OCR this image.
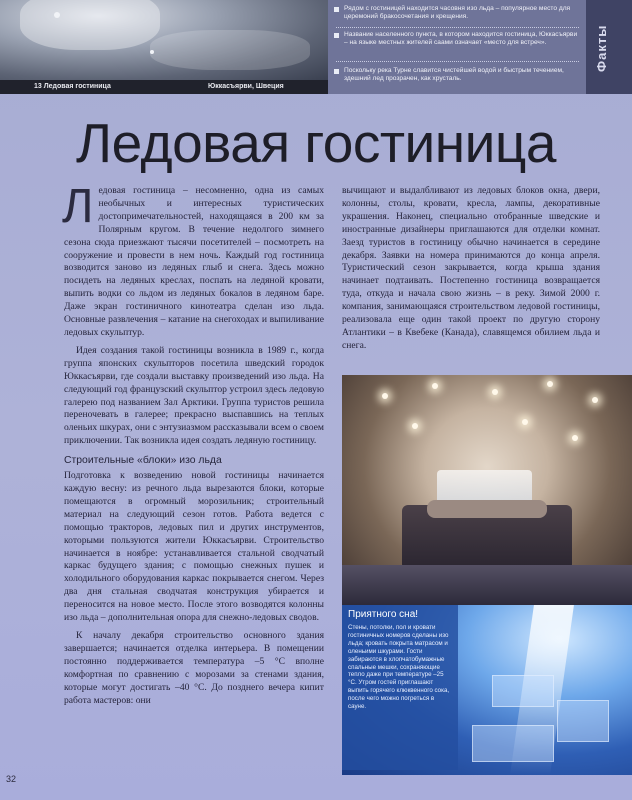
13 Ледовая гостиница	Юккасъярви, Швеция
Рядом с гостиницей находится часовня изо льда – популярное место для церемоний бракосочетания и крещения.
Название населенного пункта, в котором находится гостиница, Юккасъярви – на языке местных жителей саами означает «место для встреч».
Поскольку река Турне славится чистейшей водой и быстрым течением, здешний лед прозрачен, как хрусталь.
Факты
Ледовая гостиница

Ледовая гостиница – несомненно, одна из самых необычных и интересных туристических достопримечательностей, находящаяся в 200 км за Полярным кругом. В течение недолгого зимнего сезона сюда приезжают тысячи посетителей – посмотреть на сооружение и провести в нем ночь. Каждый год гостиница возводится заново из ледяных глыб и снега. Здесь можно посидеть на ледяных креслах, поспать на ледяной кровати, выпить водки со льдом из ледяных бокалов в ледяном баре. Даже экран гостиничного кинотеатра сделан изо льда. Основные развлечения – катание на снегоходах и выпиливание ледовых скульптур.

Идея создания такой гостиницы возникла в 1989 г., когда группа японских скульпторов посетила шведский городок Юккасъярви, где создали выставку произведений изо льда. На следующий год французский скульптор устроил здесь ледовую галерею под названием Зал Арктики. Группа туристов решила переночевать в галерее; прекрасно выспавшись на теплых оленьих шкурах, они с энтузиазмом рассказывали всем о своем приключении. Так возникла идея создать ледяную гостиницу.

Строительные «блоки» изо льда

Подготовка к возведению новой гостиницы начинается каждую весну: из речного льда вырезаются блоки, которые помещаются в огромный морозильник; строительный материал на следующий сезон готов. Работа ведется с помощью тракторов, ледовых пил и других инструментов, которыми пользуются жители Юккасъярви. Строительство начинается в ноябре: устанавливается стальной сводчатый каркас будущего здания; с помощью снежных пушек и холодильного оборудования каркас покрывается снегом. Через два дня стальная сводчатая конструкция убирается и переносится на новое место. После этого возводятся колонны изо льда – дополнительная опора для снежно-ледовых сводов.

К началу декабря строительство основного здания завершается; начинается отделка интерьера. В помещении постоянно поддерживается температура –5 °С вполне комфортная по сравнению с морозами за стенами здания, которые могут достигать –40 °С. До позднего вечера кипит работа мастеров: они

вычищают и выдалбливают из ледовых блоков окна, двери, колонны, столы, кровати, кресла, лампы, декоративные украшения. Наконец, специально отобранные шведские и иностранные дизайнеры приглашаются для отделки комнат. Заезд туристов в гостиницу обычно начинается в середине декабря. Заявки на номера принимаются до конца апреля. Туристический сезон закрывается, когда крыша здания начинает подтаивать. Постепенно гостиница возвращается туда, откуда и начала свою жизнь – в реку. Зимой 2000 г. компания, занимающаяся строительством ледовой гостиницы, реализовала еще один такой проект по другую сторону Атлантики – в Квебеке (Канада), славящемся обилием льда и снега.

Приятного сна!
Стены, потолки, пол и кровати гостиничных номеров сделаны изо льда; кровать покрыта матрасом и оленьими шкурами. Гости забираются в хлопчатобумажные спальные мешки, сохраняющие тепло даже при температуре –25 °С. Утром гостей приглашают выпить горячего клюквенного сока, после чего можно погреться в сауне.
32
